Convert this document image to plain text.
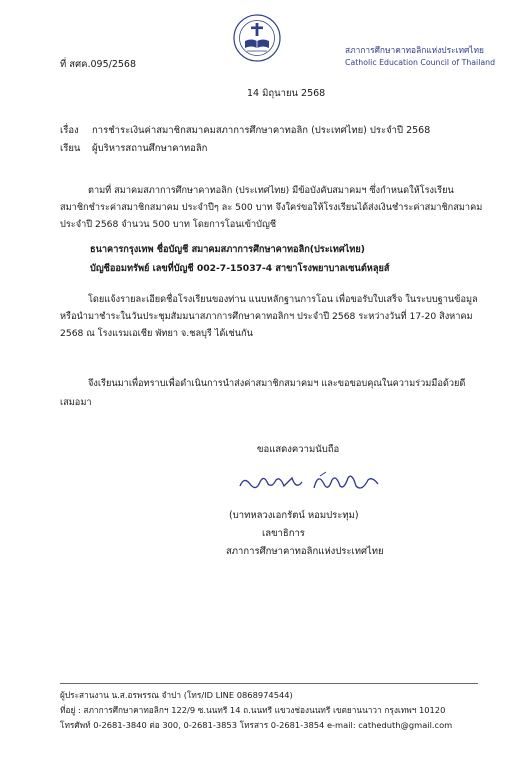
สภาการศึกษาคาทอลิกแห่งประเทศไทย
Catholic Education Council of Thailand
ที่ สศค.095/2568
14 มิถุนายน 2568
เรื่อง การชำระเงินค่าสมาชิกสมาคมสภาการศึกษาคาทอลิก (ประเทศไทย) ประจำปี 2568
เรียน ผู้บริหารสถานศึกษาคาทอลิก
ตามที่ สมาคมสภาการศึกษาคาทอลิก (ประเทศไทย) มีข้อบังคับสมาคมฯ ซึ่งกำหนดให้โรงเรียน
สมาชิกชำระค่าสมาชิกสมาคม ประจำปีๆ ละ 500 บาท จึงใคร่ขอให้โรงเรียนได้ส่งเงินชำระค่าสมาชิกสมาคม
ประจำปี 2568 จำนวน 500 บาท โดยการโอนเข้าบัญชี
ธนาคารกรุงเทพ ชื่อบัญชี สมาคมสภาการศึกษาคาทอลิก(ประเทศไทย)
บัญชีออมทรัพย์ เลขที่บัญชี 002-7-15037-4 สาขาโรงพยาบาลเซนต์หลุยส์
โดยแจ้งรายละเอียดชื่อโรงเรียนของท่าน แนบหลักฐานการโอน เพื่อขอรับใบเสร็จ ในระบบฐานข้อมูล
หรือนำมาชำระในวันประชุมสัมมนาสภาการศึกษาคาทอลิกฯ ประจำปี 2568 ระหว่างวันที่ 17-20 สิงหาคม
2568 ณ โรงแรมเอเชีย พัทยา จ.ชลบุรี ได้เช่นกัน
จึงเรียนมาเพื่อทราบเพื่อดำเนินการนำส่งค่าสมาชิกสมาคมฯ และขอขอบคุณในความร่วมมือด้วยดี
เสมอมา
ขอแสดงความนับถือ
(บาทหลวงเอกรัตน์ หอมประทุม)
เลขาธิการ
สภาการศึกษาคาทอลิกแห่งประเทศไทย
ผู้ประสานงาน น.ส.อรพรรณ จำปา (โทร/ID LINE 0868974544)
ที่อยู่ : สภาการศึกษาคาทอลิกฯ 122/9 ซ.นนทรี 14 ถ.นนทรี แขวงช่องนนทรี เขตยานนาวา กรุงเทพฯ 10120
โทรศัพท์ 0-2681-3840 ต่อ 300, 0-2681-3853 โทรสาร 0-2681-3854 e-mail: catheduth@gmail.com
